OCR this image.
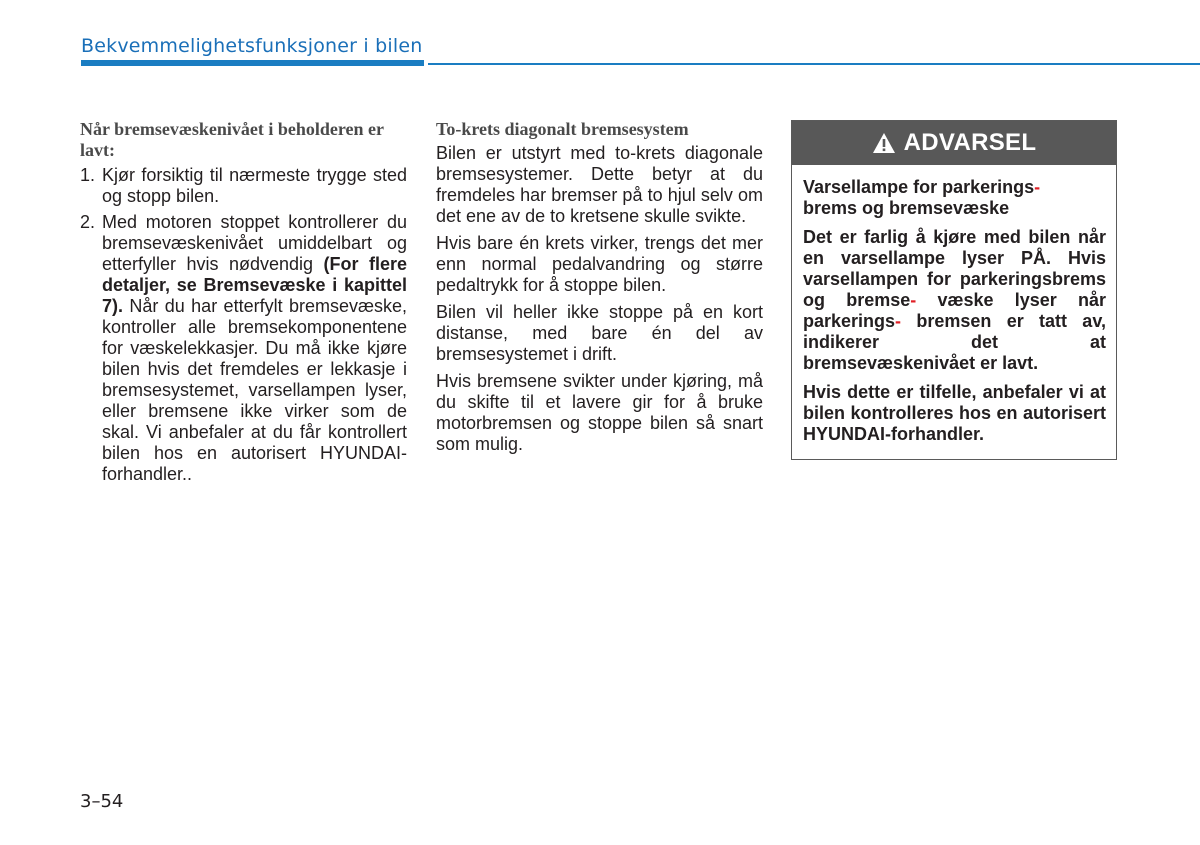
Bekvemmelighetsfunksjoner i bilen
Når bremsevæskenivået i beholderen er lavt:
1. Kjør forsiktig til nærmeste trygge sted og stopp bilen.
2. Med motoren stoppet kontrollerer du bremsevæskenivået umiddelbart og etterfyller hvis nødvendig (For flere detaljer, se Bremsevæske i kapittel 7). Når du har etterfylt bremsevæske, kontroller alle bremsekomponentene for væskelekkasjer. Du må ikke kjøre bilen hvis det fremdeles er lekkasje i bremsesystemet, varsellampen lyser, eller bremsene ikke virker som de skal. Vi anbefaler at du får kontrollert bilen hos en autorisert HYUNDAI-forhandler..
To-krets diagonalt bremsesystem

Bilen er utstyrt med to-krets diagonale bremsesystemer. Dette betyr at du fremdeles har bremser på to hjul selv om det ene av de to kretsene skulle svikte.

Hvis bare én krets virker, trengs det mer enn normal pedalvandring og større pedaltrykk for å stoppe bilen.

Bilen vil heller ikke stoppe på en kort distanse, med bare én del av bremsesystemet i drift.

Hvis bremsene svikter under kjøring, må du skifte til et lavere gir for å bruke motorbremsen og stoppe bilen så snart som mulig.

ADVARSEL

Varsellampe for parkerings-
brems og bremsevæske

Det er farlig å kjøre med bilen når en varsellampe lyser PÅ. Hvis varsellampen for parkeringsbrems og bremse- væske lyser når parkerings- bremsen er tatt av, indikerer det at bremsevæskenivået er lavt.

Hvis dette er tilfelle, anbefaler vi at bilen kontrolleres hos en autorisert HYUNDAI-forhandler.

3–54
